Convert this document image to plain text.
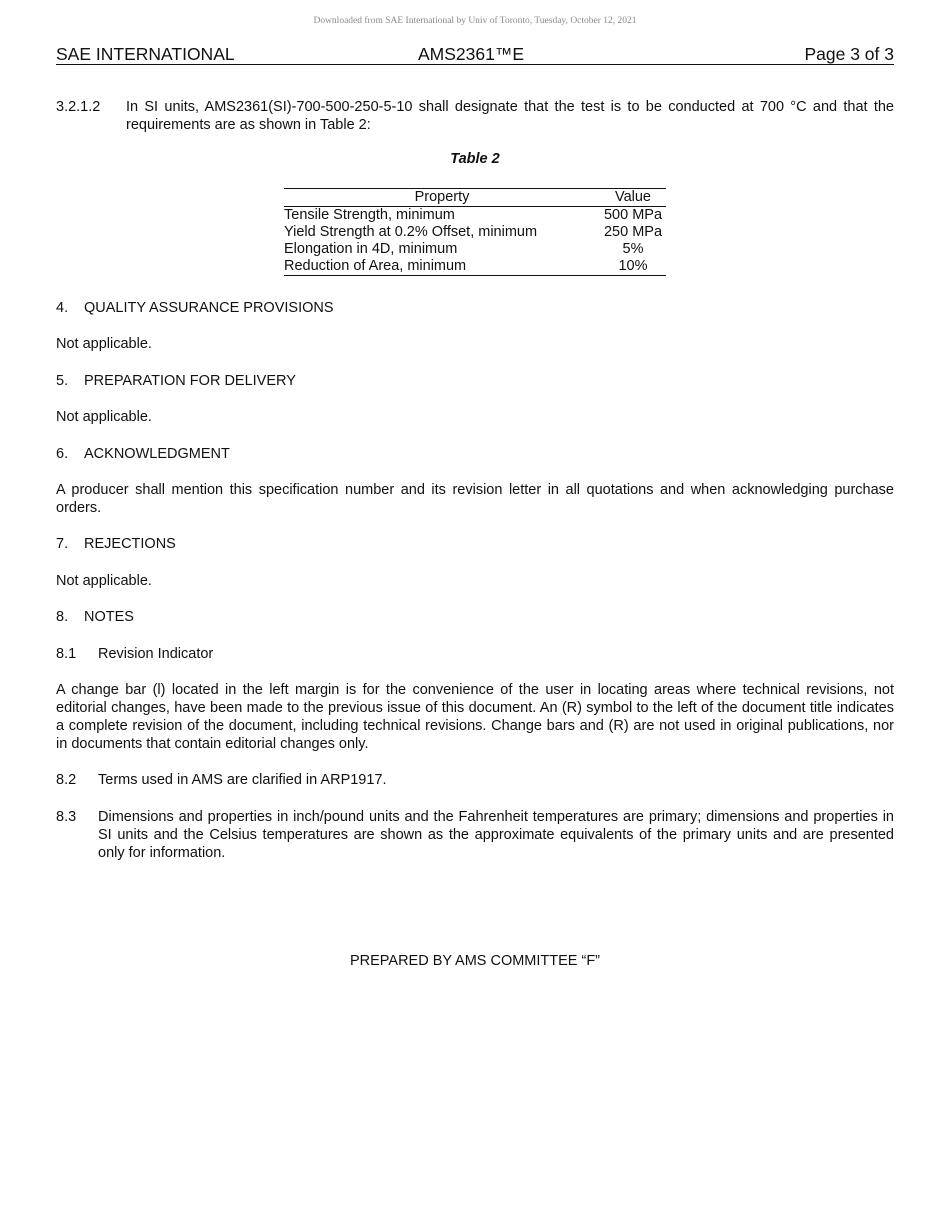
Downloaded from SAE International by Univ of Toronto, Tuesday, October 12, 2021
SAE INTERNATIONAL	AMS2361™E	Page 3 of 3
3.2.1.2 In SI units, AMS2361(SI)-700-500-250-5-10 shall designate that the test is to be conducted at 700 °C and that the requirements are as shown in Table 2:
Table 2
Property	Value
Tensile Strength, minimum	500 MPa
Yield Strength at 0.2% Offset, minimum	250 MPa
Elongation in 4D, minimum	5%
Reduction of Area, minimum	10%
4. QUALITY ASSURANCE PROVISIONS
Not applicable.
5. PREPARATION FOR DELIVERY
Not applicable.
6. ACKNOWLEDGMENT
A producer shall mention this specification number and its revision letter in all quotations and when acknowledging purchase orders.
7. REJECTIONS
Not applicable.
8. NOTES
8.1 Revision Indicator
A change bar (l) located in the left margin is for the convenience of the user in locating areas where technical revisions, not editorial changes, have been made to the previous issue of this document. An (R) symbol to the left of the document title indicates a complete revision of the document, including technical revisions. Change bars and (R) are not used in original publications, nor in documents that contain editorial changes only.
8.2 Terms used in AMS are clarified in ARP1917.
8.3 Dimensions and properties in inch/pound units and the Fahrenheit temperatures are primary; dimensions and properties in SI units and the Celsius temperatures are shown as the approximate equivalents of the primary units and are presented only for information.
PREPARED BY AMS COMMITTEE “F”
